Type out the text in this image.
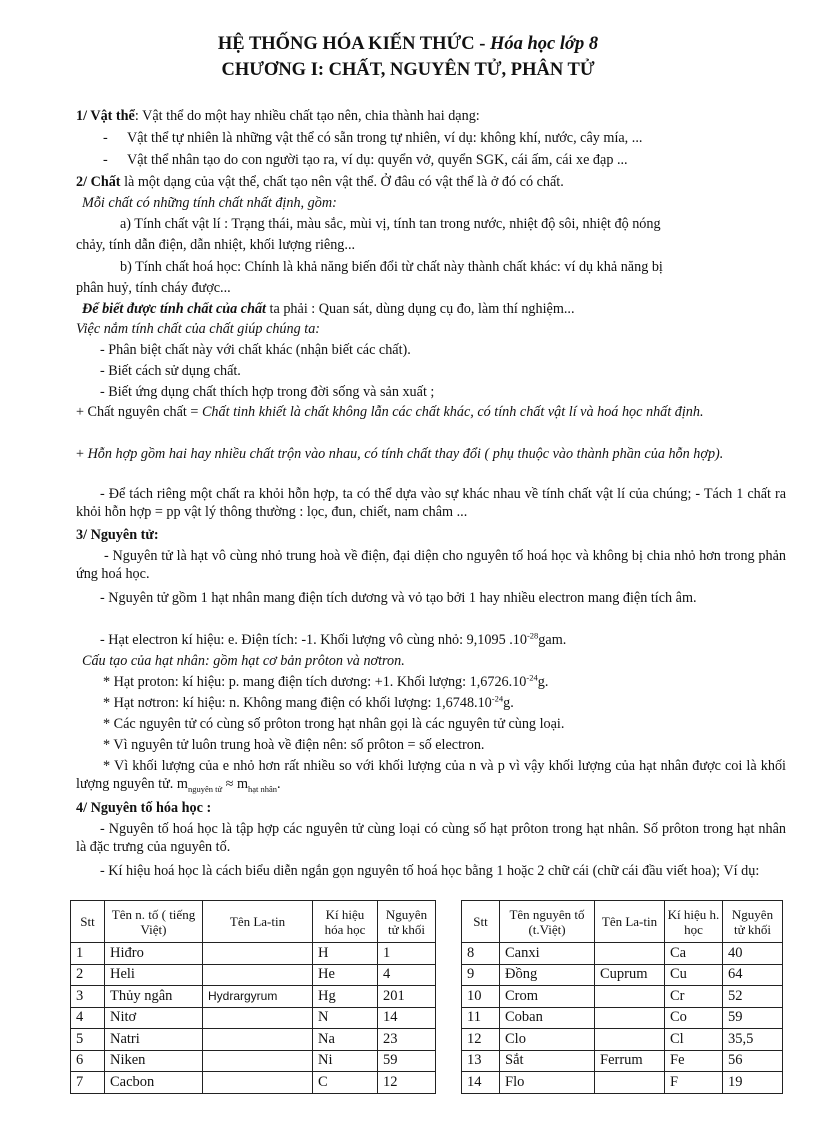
HỆ THỐNG HÓA KIẾN THỨC - Hóa học lớp 8
CHƯƠNG I: CHẤT, NGUYÊN TỬ, PHÂN TỬ
1/ Vật thể: Vật thể do một hay nhiều chất tạo nên, chia thành hai dạng:
- Vật thể tự nhiên là những vật thể có sẵn trong tự nhiên, ví dụ: không khí, nước, cây mía, ...
- Vật thể nhân tạo do con người tạo ra, ví dụ: quyển vở, quyển SGK, cái ấm, cái xe đạp ...
2/ Chất là một dạng của vật thể, chất tạo nên vật thể. Ở đâu có vật thể là ở đó có chất.
Mỗi chất có những tính chất nhất định, gồm:
a) Tính chất vật lí : Trạng thái, màu sắc, mùi vị, tính tan trong nước, nhiệt độ sôi, nhiệt độ nóng
chảy, tính dẫn điện, dẫn nhiệt, khối lượng riêng...
b) Tính chất hoá học: Chính là khả năng biến đổi từ chất này thành chất khác: ví dụ khả năng bị
phân huỷ, tính cháy được...
Để biết được tính chất của chất ta phải : Quan sát, dùng dụng cụ đo, làm thí nghiệm...
Việc nắm tính chất của chất giúp chúng ta:
- Phân biệt chất này với chất khác (nhận biết các chất).
- Biết cách sử dụng chất.
- Biết ứng dụng chất thích hợp trong đời sống và sản xuất ;
+ Chất nguyên chất = Chất tinh khiết là chất không lẫn các chất khác, có tính chất vật lí và hoá học nhất định.
+ Hỗn hợp gồm hai hay nhiều chất trộn vào nhau, có tính chất thay đổi ( phụ thuộc vào thành phần của hỗn hợp).
- Để tách riêng một chất ra khỏi hỗn hợp, ta có thể dựa vào sự khác nhau về tính chất vật lí của chúng; - Tách 1 chất ra khỏi hỗn hợp = pp vật lý thông thường : lọc, đun, chiết, nam châm ...
3/ Nguyên tử:
- Nguyên tử là hạt vô cùng nhỏ trung hoà về điện, đại diện cho nguyên tố hoá học và không bị chia nhỏ hơn trong phản ứng hoá học.
- Nguyên tử gồm 1 hạt nhân mang điện tích dương và vỏ tạo bởi 1 hay nhiều electron mang điện tích âm.
- Hạt electron kí hiệu: e. Điện tích: -1. Khối lượng vô cùng nhỏ: 9,1095 $.10^{-28}gam$.
Cấu tạo của hạt nhân: gồm hạt cơ bản prôton và nơtron.
* Hạt proton: kí hiệu: p. mang điện tích dương: +1. Khối lượng: $1,6726.10^{-24}g$.
* Hạt nơtron: kí hiệu: n. Không mang điện có khối lượng: $1,6748.10^{-24}g$.
* Các nguyên tử có cùng số prôton trong hạt nhân gọi là các nguyên tử cùng loại.
* Vì nguyên tử luôn trung hoà về điện nên: số prôton = số electron.
* Vì khối lượng của e nhỏ hơn rất nhiều so với khối lượng của n và p vì vậy khối lượng của hạt nhân được coi là khối lượng nguyên tử. $m_{nguyên tử} \approx m_{hạt nhân}$.
4/ Nguyên tố hóa học :
- Nguyên tố hoá học là tập hợp các nguyên tử cùng loại có cùng số hạt prôton trong hạt nhân. Số prôton trong hạt nhân là đặc trưng của nguyên tố.
- Kí hiệu hoá học là cách biểu diễn ngắn gọn nguyên tố hoá học bằng 1 hoặc 2 chữ cái (chữ cái đầu viết hoa); Ví dụ:
Stt	Tên n. tố ( tiếng Việt)	Tên La-tin	Kí hiệu hóa học	Nguyên tử khối
1	Hiđro		H	1
2	Heli		He	4
3	Thủy ngân	Hydrargyrum	Hg	201
4	Nitơ		N	14
5	Natri		Na	23
6	Niken		Ni	59
7	Cacbon		C	12
Stt	Tên nguyên tố (t.Việt)	Tên La-tin	Kí hiệu h. học	Nguyên tử khối
8	Canxi		Ca	40
9	Đồng	Cuprum	Cu	64
10	Crom		Cr	52
11	Coban		Co	59
12	Clo		Cl	35,5
13	Sắt	Ferrum	Fe	56
14	Flo		F	19
